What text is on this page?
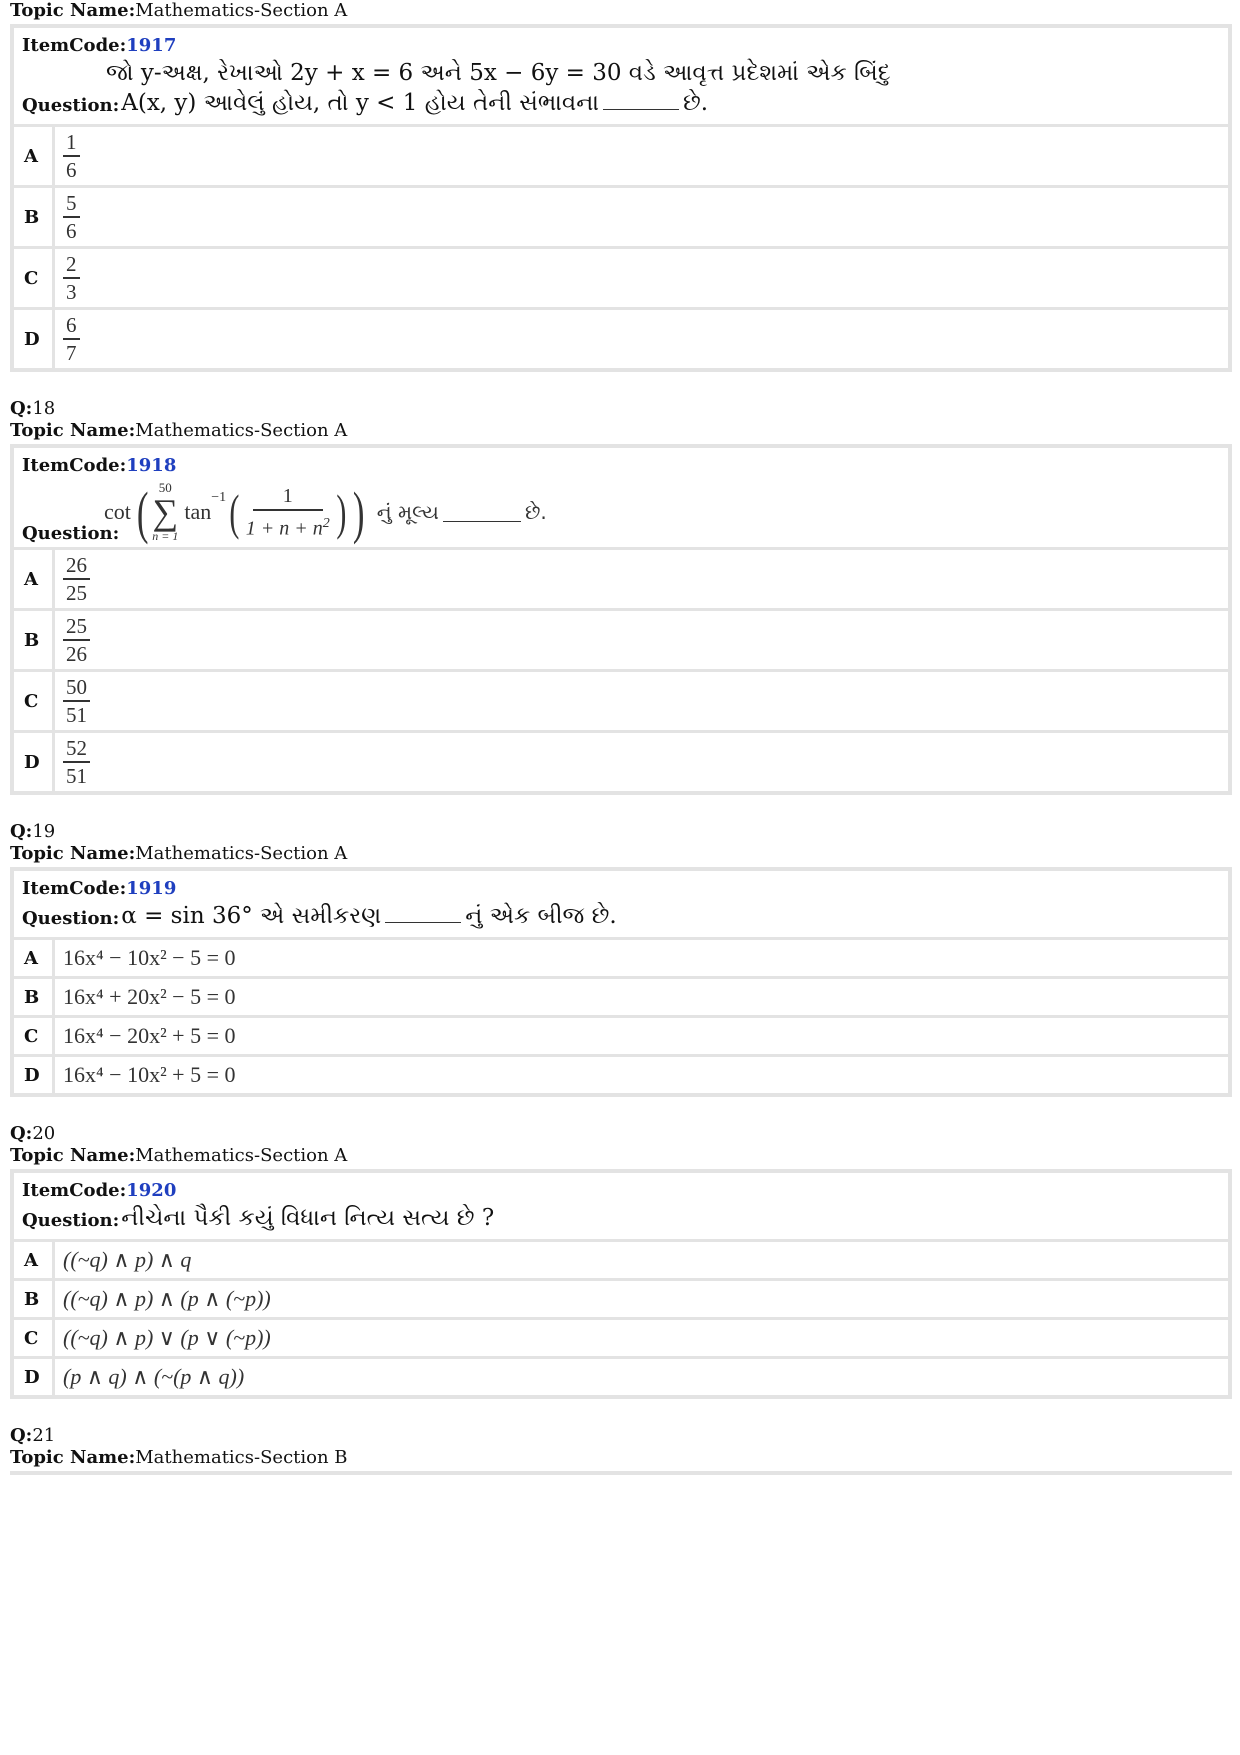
Topic Name:Mathematics-Section A
ItemCode:1917
જો y-અક્ષ, રેખાઓ 2y + x = 6 અને 5x − 6y = 30 વડે આવૃત્ત પ્રદેશમાં એક બિંદુ
Question: A(x, y) આવેલું હોય, તો y < 1 હોય તેની સંભાવના	છે.
A	$\frac{1}{6}$
B	$\frac{5}{6}$
C	$\frac{2}{3}$
D	$\frac{6}{7}$
Q:18
Topic Name:Mathematics-Section A
ItemCode:1918
Question:
cot ( 50
∑
n = 1
tan
$^{-1}$ ( $\frac{1}{1 + n + n^2}$ ) ) નું મૂલ્ય	છે.
A	$\frac{26}{25}$
B	$\frac{25}{26}$
C	$\frac{50}{51}$
D	$\frac{52}{51}$
Q:19
Topic Name:Mathematics-Section A
ItemCode:1919
Question: α = sin 36° એ સમીકરણ	નું એક બીજ છે.
A	16x⁴ − 10x² − 5 = 0
B	16x⁴ + 20x² − 5 = 0
C	16x⁴ − 20x² + 5 = 0
D	16x⁴ − 10x² + 5 = 0
Q:20
Topic Name:Mathematics-Section A
ItemCode:1920
Question: નીચેના પૈકી કયું વિધાન નિત્ય સત્ય છે ?
A	((~q) ∧ p) ∧ q
B	((~q) ∧ p) ∧ (p ∧ (~p))
C	((~q) ∧ p) ∨ (p ∨ (~p))
D	(p ∧ q) ∧ (~(p ∧ q))
Q:21
Topic Name:Mathematics-Section B
